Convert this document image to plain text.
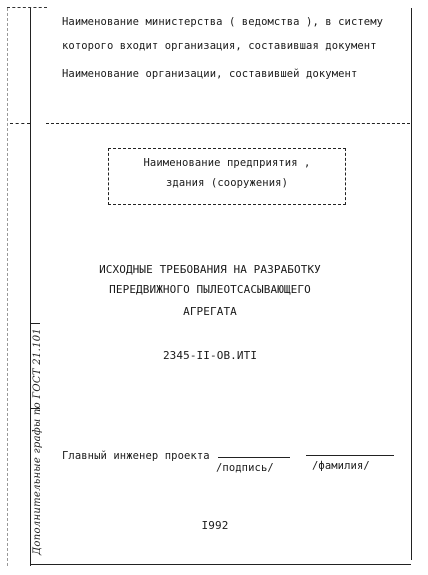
Наименование министерства ( ведомства ), в систему
которого входит организация, составившая документ
Наименование организации, составившей документ
Наименование предприятия ,
здания (сооружения)
ИСХОДНЫЕ ТРЕБОВАНИЯ НА РАЗРАБОТКУ
ПЕРЕДВИЖНОГО ПЫЛЕОТСАСЫВАЮЩЕГО
АГРЕГАТА
2345-II-OB.ИТI
Главный инженер проекта
/подпись/	/фамилия/
I992
Дополнительные графы по ГОСТ 21.101
